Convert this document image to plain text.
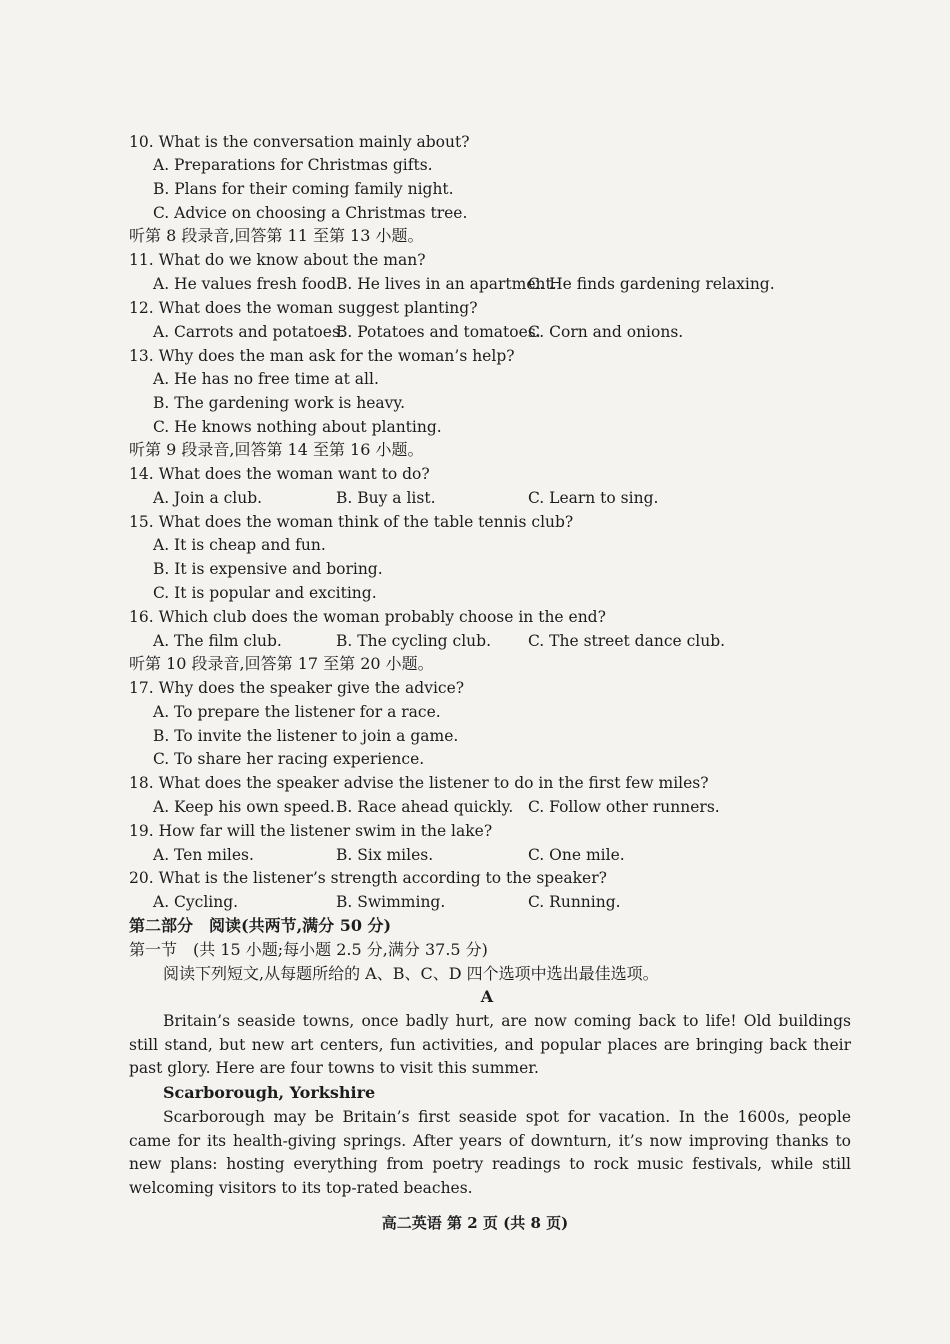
10. What is the conversation mainly about?
A. Preparations for Christmas gifts.
B. Plans for their coming family night.
C. Advice on choosing a Christmas tree.
听第 8 段录音,回答第 11 至第 13 小题。
11. What do we know about the man?
A. He values fresh food.
B. He lives in an apartment.
C. He finds gardening relaxing.
12. What does the woman suggest planting?
A. Carrots and potatoes.
B. Potatoes and tomatoes.
C. Corn and onions.
13. Why does the man ask for the woman’s help?
A. He has no free time at all.
B. The gardening work is heavy.
C. He knows nothing about planting.
听第 9 段录音,回答第 14 至第 16 小题。
14. What does the woman want to do?
A. Join a club.	B. Buy a list.	C. Learn to sing.
15. What does the woman think of the table tennis club?
A. It is cheap and fun.
B. It is expensive and boring.
C. It is popular and exciting.
16. Which club does the woman probably choose in the end?
A. The film club.	B. The cycling club. C. The street dance club.
听第 10 段录音,回答第 17 至第 20 小题。
17. Why does the speaker give the advice?
A. To prepare the listener for a race.
B. To invite the listener to join a game.
C. To share her racing experience.
18. What does the speaker advise the listener to do in the first few miles?
A. Keep his own speed. B. Race ahead quickly. C. Follow other runners.
19. How far will the listener swim in the lake?
A. Ten miles.	B. Six miles.	C. One mile.
20. What is the listener’s strength according to the speaker?
A. Cycling.	B. Swimming.	C. Running.
第二部分　阅读(共两节,满分 50 分)
第一节　(共 15 小题;每小题 2.5 分,满分 37.5 分)
阅读下列短文,从每题所给的 A、B、C、D 四个选项中选出最佳选项。
A
Britain’s seaside towns, once badly hurt, are now coming back to life! Old buildings still stand, but new art centers, fun activities, and popular places are bringing back their past glory. Here are four towns to visit this summer.
Scarborough, Yorkshire
Scarborough may be Britain’s first seaside spot for vacation. In the 1600s, people came for its health-giving springs. After years of downturn, it’s now improving thanks to new plans: hosting everything from poetry readings to rock music festivals, while still welcoming visitors to its top-rated beaches.
高二英语 第 2 页 (共 8 页)
